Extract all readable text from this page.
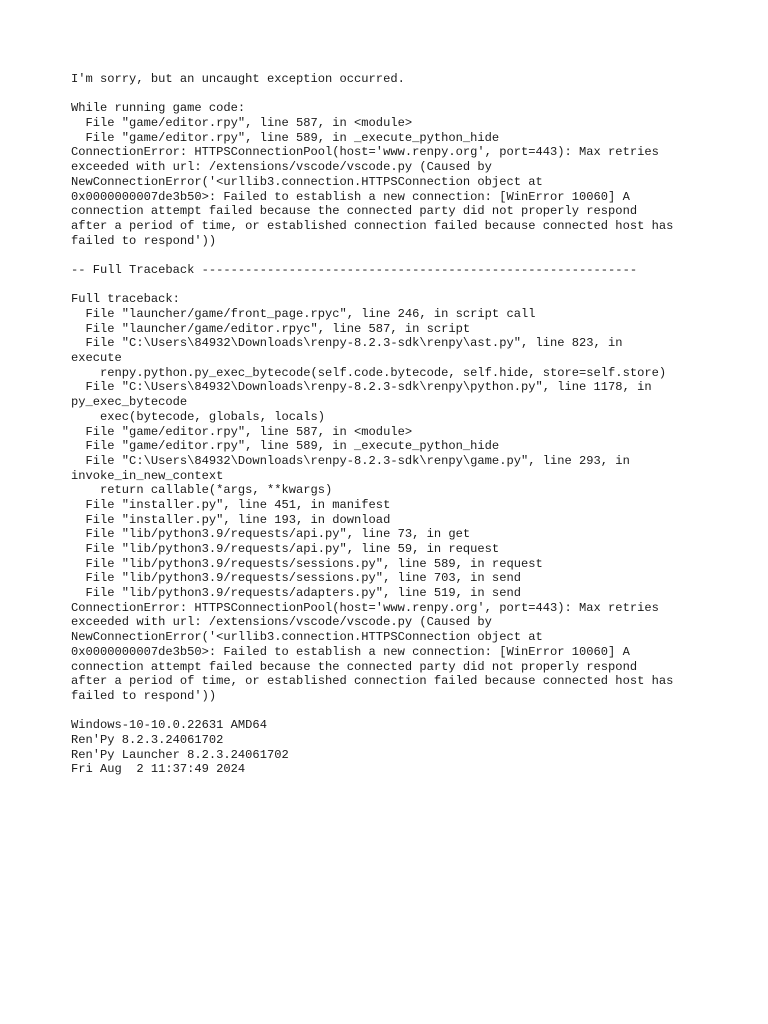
I'm sorry, but an uncaught exception occurred.
While running game code:
File "game/editor.rpy", line 587, in <module>
File "game/editor.rpy", line 589, in _execute_python_hide
ConnectionError: HTTPSConnectionPool(host='www.renpy.org', port=443): Max retries
exceeded with url: /extensions/vscode/vscode.py (Caused by
NewConnectionError('<urllib3.connection.HTTPSConnection object at
0x0000000007de3b50>: Failed to establish a new connection: [WinError 10060] A
connection attempt failed because the connected party did not properly respond
after a period of time, or established connection failed because connected host has
failed to respond'))
-- Full Traceback ------------------------------------------------------------
Full traceback:
File "launcher/game/front_page.rpyc", line 246, in script call
File "launcher/game/editor.rpyc", line 587, in script
File "C:\Users\84932\Downloads\renpy-8.2.3-sdk\renpy\ast.py", line 823, in
execute
renpy.python.py_exec_bytecode(self.code.bytecode, self.hide, store=self.store)
File "C:\Users\84932\Downloads\renpy-8.2.3-sdk\renpy\python.py", line 1178, in
py_exec_bytecode
exec(bytecode, globals, locals)
File "game/editor.rpy", line 587, in <module>
File "game/editor.rpy", line 589, in _execute_python_hide
File "C:\Users\84932\Downloads\renpy-8.2.3-sdk\renpy\game.py", line 293, in
invoke_in_new_context
return callable(*args, **kwargs)
File "installer.py", line 451, in manifest
File "installer.py", line 193, in download
File "lib/python3.9/requests/api.py", line 73, in get
File "lib/python3.9/requests/api.py", line 59, in request
File "lib/python3.9/requests/sessions.py", line 589, in request
File "lib/python3.9/requests/sessions.py", line 703, in send
File "lib/python3.9/requests/adapters.py", line 519, in send
ConnectionError: HTTPSConnectionPool(host='www.renpy.org', port=443): Max retries
exceeded with url: /extensions/vscode/vscode.py (Caused by
NewConnectionError('<urllib3.connection.HTTPSConnection object at
0x0000000007de3b50>: Failed to establish a new connection: [WinError 10060] A
connection attempt failed because the connected party did not properly respond
after a period of time, or established connection failed because connected host has
failed to respond'))
Windows-10-10.0.22631 AMD64
Ren'Py 8.2.3.24061702
Ren'Py Launcher 8.2.3.24061702
Fri Aug  2 11:37:49 2024
